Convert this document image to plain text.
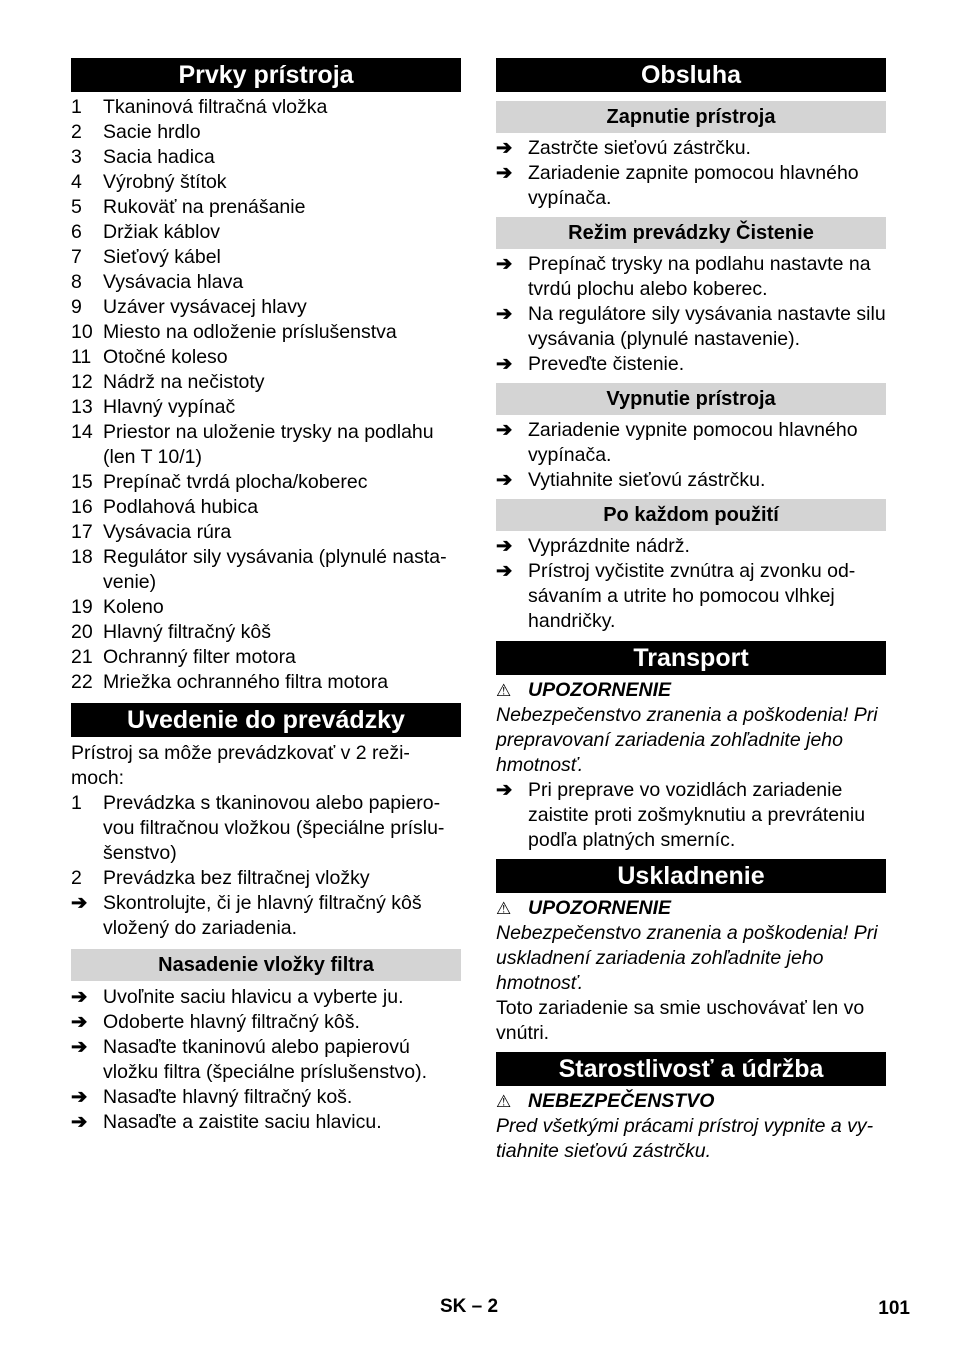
Prvky prístroja
1	Tkaninová filtračná vložka
2	Sacie hrdlo
3	Sacia hadica
4	Výrobný štítok
5	Rukoväť na prenášanie
6	Držiak káblov
7	Sieťový kábel
8	Vysávacia hlava
9	Uzáver vysávacej hlavy
10 Miesto na odloženie príslušenstva
11 Otočné koleso
12 Nádrž na nečistoty
13 Hlavný vypínač
14 Priestor na uloženie trysky na podlahu (len T 10/1)
15 Prepínač tvrdá plocha/koberec
16 Podlahová hubica
17 Vysávacia rúra
18 Regulátor sily vysávania (plynulé nasta-venie)
19 Koleno
20 Hlavný filtračný kôš
21 Ochranný filter motora
22 Mriežka ochranného filtra motora
Uvedenie do prevádzky
Prístroj sa môže prevádzkovať v 2 reži-moch:
1	Prevádzka s tkaninovou alebo papiero-vou filtračnou vložkou (špeciálne príslu-šenstvo)
2	Prevádzka bez filtračnej vložky
➔ Skontrolujte, či je hlavný filtračný kôš vložený do zariadenia.
Nasadenie vložky filtra
➔ Uvoľnite saciu hlavicu a vyberte ju.
➔ Odoberte hlavný filtračný kôš.
➔ Nasaďte tkaninovú alebo papierovú vložku filtra (špeciálne príslušenstvo).
➔ Nasaďte hlavný filtračný koš.
➔ Nasaďte a zaistite saciu hlavicu.
Obsluha
Zapnutie prístroja
➔ Zastrčte sieťovú zástrčku.
➔ Zariadenie zapnite pomocou hlavného vypínača.
Režim prevádzky Čistenie
➔ Prepínač trysky na podlahu nastavte na tvrdú plochu alebo koberec.
➔ Na regulátore sily vysávania nastavte silu vysávania (plynulé nastavenie).
➔ Preveďte čistenie.
Vypnutie prístroja
➔ Zariadenie vypnite pomocou hlavného vypínača.
➔ Vytiahnite sieťovú zástrčku.
Po každom použití
➔ Vyprázdnite nádrž.
➔ Prístroj vyčistite zvnútra aj zvonku od-sávaním a utrite ho pomocou vlhkej handričky.
Transport
⚠ UPOZORNENIE
Nebezpečenstvo zranenia a poškodenia! Pri prepravovaní zariadenia zohľadnite jeho hmotnosť.
➔ Pri preprave vo vozidlách zariadenie zaistite proti zošmyknutiu a prevráteniu podľa platných smerníc.
Uskladnenie
⚠ UPOZORNENIE
Nebezpečenstvo zranenia a poškodenia! Pri uskladnení zariadenia zohľadnite jeho hmotnosť.
Toto zariadenie sa smie uschovávať len vo vnútri.
Starostlivosť a údržba
⚠ NEBEZPEČENSTVO
Pred všetkými prácami prístroj vypnite a vy-tiahnite sieťovú zástrčku.
SK – 2	101
